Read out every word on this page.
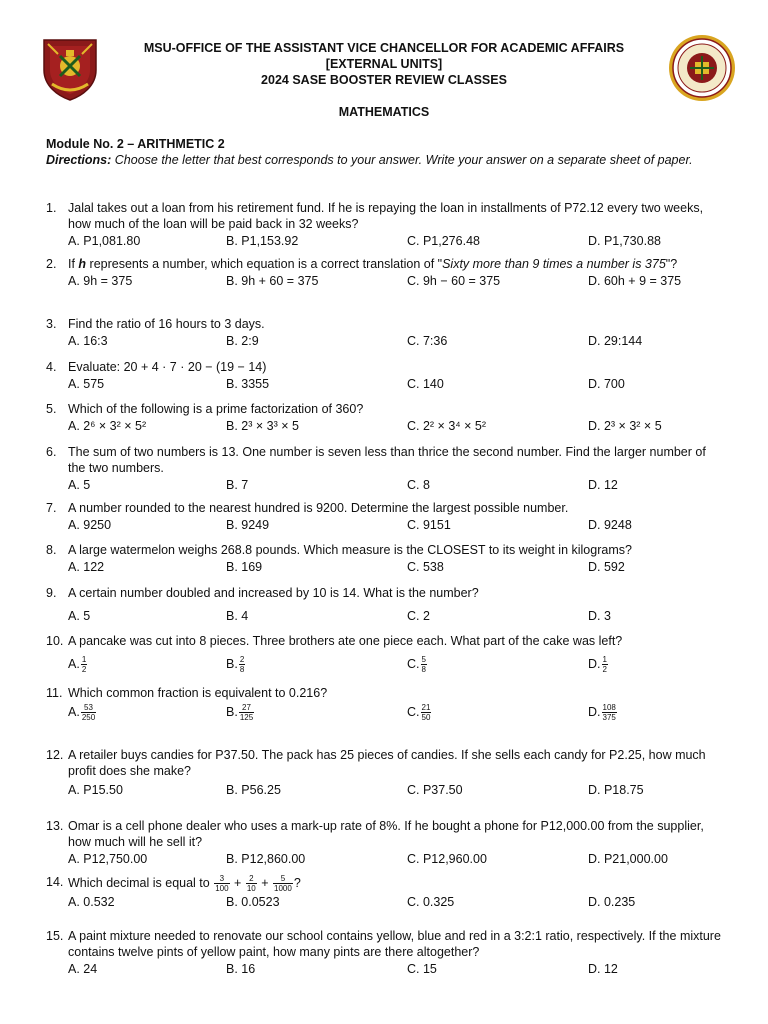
MSU-OFFICE OF THE ASSISTANT VICE CHANCELLOR FOR ACADEMIC AFFAIRS
[EXTERNAL UNITS]
2024 SASE BOOSTER REVIEW CLASSES
MATHEMATICS
Module No. 2 – ARITHMETIC 2
Directions: Choose the letter that best corresponds to your answer. Write your answer on a separate sheet of paper.
1. Jalal takes out a loan from his retirement fund. If he is repaying the loan in installments of P72.12 every two weeks, how much of the loan will be paid back in 32 weeks?
A. P1,081.80	B. P1,153.92	C. P1,276.48	D. P1,730.88
2. If h represents a number, which equation is a correct translation of "Sixty more than 9 times a number is 375"?
A. 9h = 375	B. 9h + 60 = 375	C. 9h − 60 = 375	D. 60h + 9 = 375
3. Find the ratio of 16 hours to 3 days.
A. 16:3	B. 2:9	C. 7:36	D. 29:144
4. Evaluate: 20 + 4 · 7 · 20 − (19 − 14)
A. 575	B. 3355	C. 140	D. 700
5. Which of the following is a prime factorization of 360?
A. 2⁶ × 3² × 5²	B. 2³ × 3³ × 5	C. 2² × 3⁴ × 5²	D. 2³ × 3² × 5
6. The sum of two numbers is 13. One number is seven less than thrice the second number. Find the larger number of the two numbers.
A. 5	B. 7	C. 8	D. 12
7. A number rounded to the nearest hundred is 9200. Determine the largest possible number.
A. 9250	B. 9249	C. 9151	D. 9248
8. A large watermelon weighs 268.8 pounds. Which measure is the CLOSEST to its weight in kilograms?
A. 122	B. 169	C. 538	D. 592
9. A certain number doubled and increased by 10 is 14. What is the number?
A. 5	B. 4	C. 2	D. 3
10. A pancake was cut into 8 pieces. Three brothers ate one piece each. What part of the cake was left?
A. $\frac{1}{2}$	B. $\frac{2}{8}$	C. $\frac{5}{8}$	D. $\frac{1}{2}$
11. Which common fraction is equivalent to 0.216?
A. $\frac{53}{250}$	B. $\frac{27}{125}$	C. $\frac{21}{50}$	D. $\frac{108}{375}$
12. A retailer buys candies for P37.50. The pack has 25 pieces of candies. If she sells each candy for P2.25, how much profit does she make?
A. P15.50	B. P56.25	C. P37.50	D. P18.75
13. Omar is a cell phone dealer who uses a mark-up rate of 8%. If he bought a phone for P12,000.00 from the supplier, how much will he sell it?
A. P12,750.00	B. P12,860.00	C. P12,960.00	D. P21,000.00
14. Which decimal is equal to $\frac{3}{100} + \frac{2}{10} + \frac{5}{1000}$ ?
A. 0.532	B. 0.0523	C. 0.325	D. 0.235
15. A paint mixture needed to renovate our school contains yellow, blue and red in a 3:2:1 ratio, respectively. If the mixture contains twelve pints of yellow paint, how many pints are there altogether?
A. 24	B. 16	C. 15	D. 12
